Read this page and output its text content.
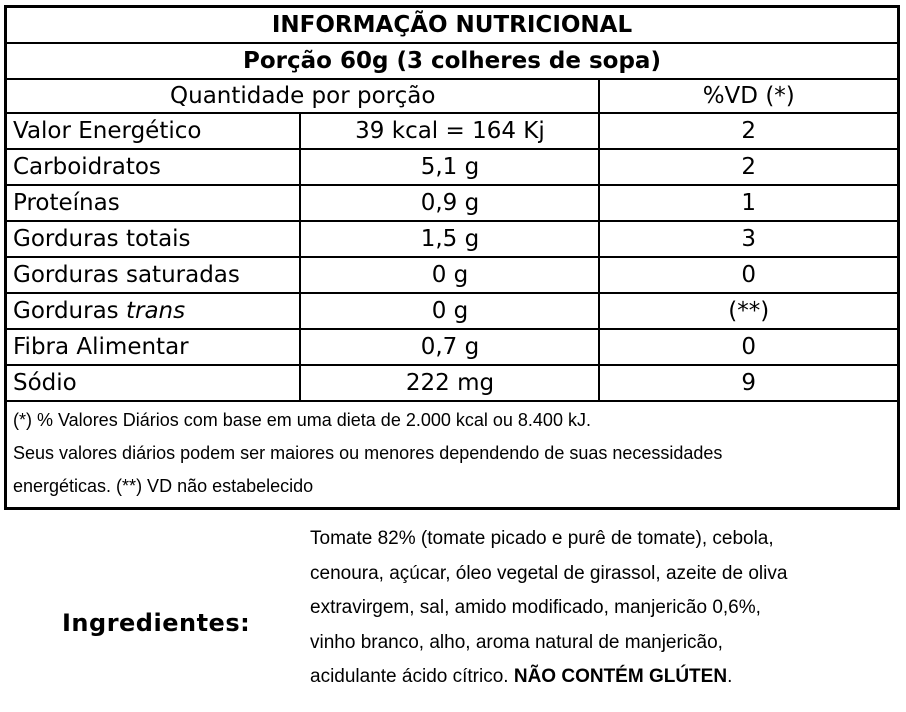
INFORMAÇÃO NUTRICIONAL		
Porção 60g (3 colheres de sopa)		
Quantidade por porção		%VD (*)
Valor Energético	39 kcal = 164 Kj	2
Carboidratos	5,1 g	2
Proteínas	0,9 g	1
Gorduras totais	1,5 g	3
Gorduras saturadas	0 g	0
Gorduras trans	0 g	(**)
Fibra Alimentar	0,7 g	0
Sódio	222 mg	9

(*) % Valores Diários com base em uma dieta de 2.000 kcal ou 8.400 kJ.
Seus valores diários podem ser maiores ou menores dependendo de suas necessidades
energéticas. (**) VD não estabelecido		
Ingredientes:
Tomate 82% (tomate picado e purê de tomate), cebola,
cenoura, açúcar, óleo vegetal de girassol, azeite de oliva
extravirgem, sal, amido modificado, manjericão 0,6%,
vinho branco, alho, aroma natural de manjericão,
acidulante ácido cítrico. NÃO CONTÉM GLÚTEN.
